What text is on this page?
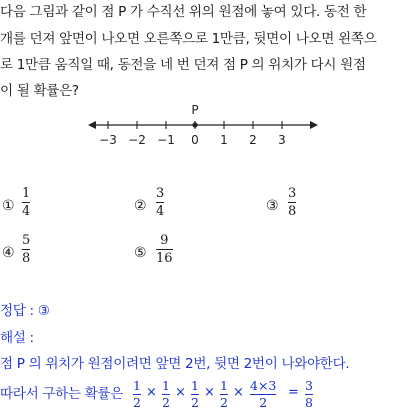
다음 그림과 같이 점 P 가 수직선 위의 원점에 놓여 있다. 동전 한
개를 던져 앞면이 나오면 오른쪽으로 1만큼, 뒷면이 나오면 왼쪽으
로 1만큼 움직일 때, 동전을 네 번 던져 점 P 의 위치가 다시 원점
이 될 확률은?
−3 −2 −1 0 1 2 3
P
①
1
4	②
3
4	③
3
8
④
5
8	⑤
9
16
정답 : ③
해설 :
점 P 의 위치가 원점이려면 앞면 2번, 뒷면 2번이 나와야한다.
따라서 구하는 확률은
1
2
× 1
2
× 1
2
× 1
2
× 4×3
2
= 3
8
